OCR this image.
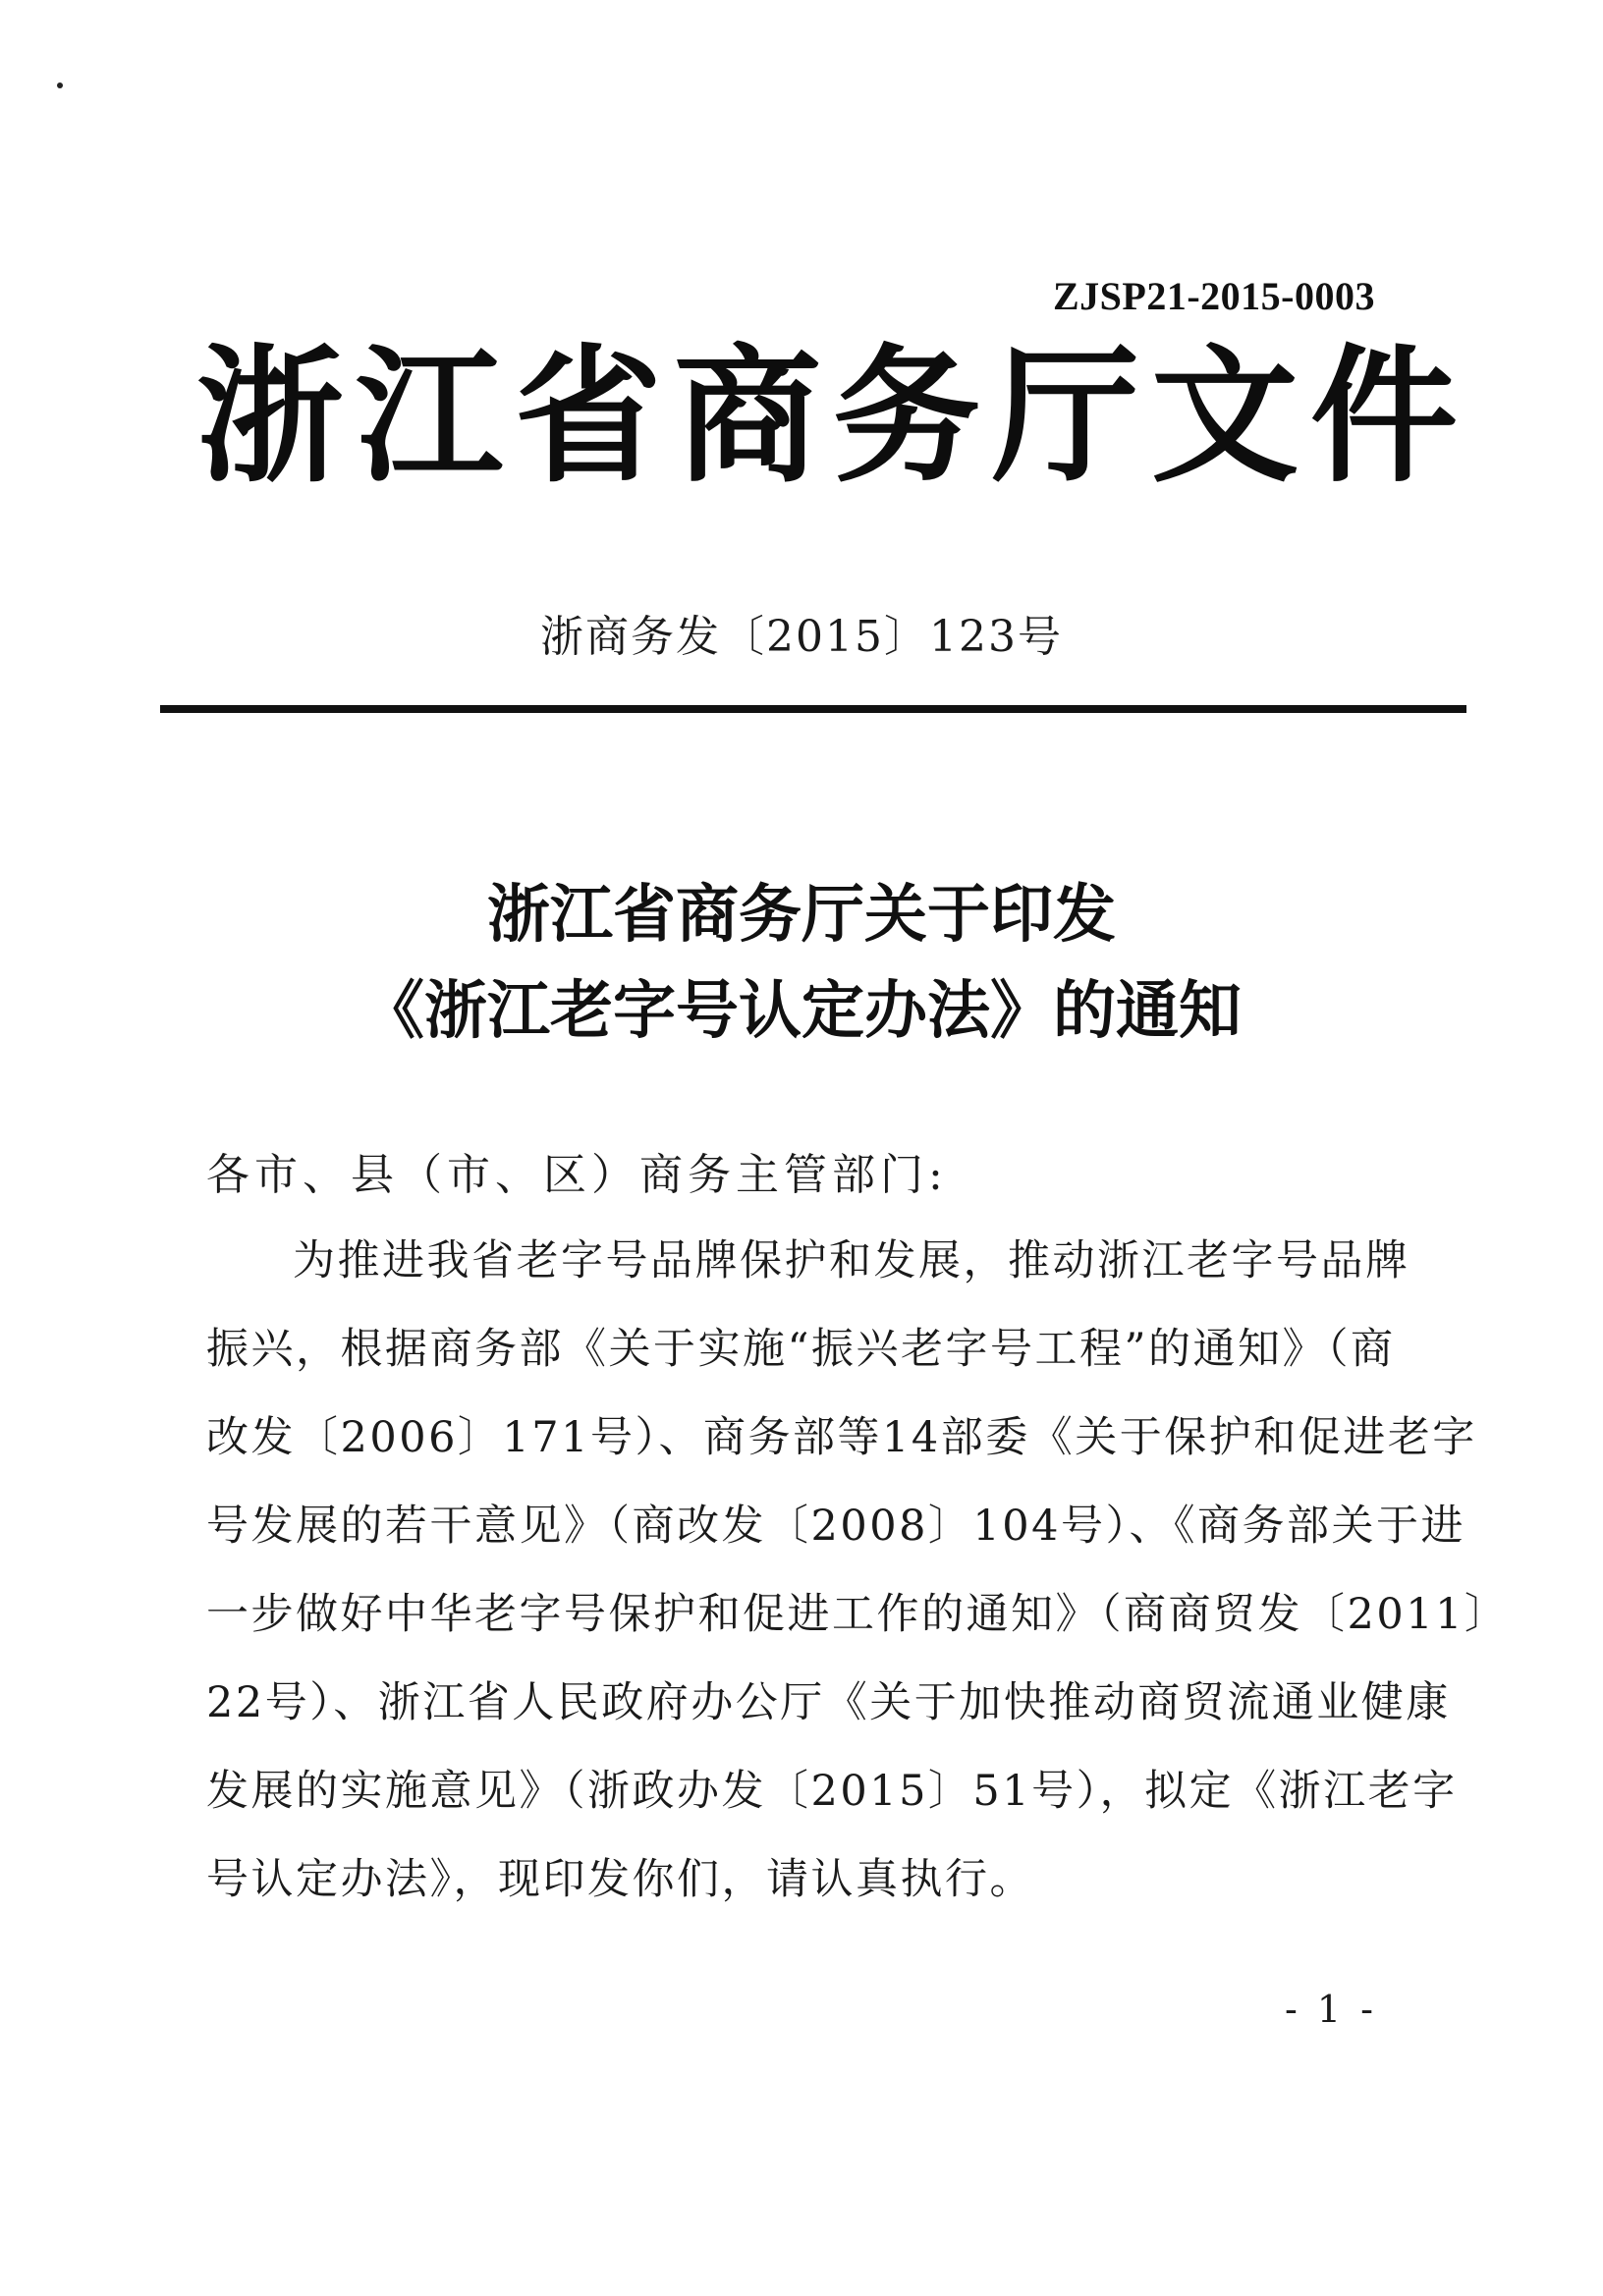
ZJSP21-2015-0003
浙江省商务厅文件
浙商务发〔2015〕123号
浙江省商务厅关于印发
《浙江老字号认定办法》的通知
各市、县（市、区）商务主管部门:
为推进我省老字号品牌保护和发展，推动浙江老字号品牌
振兴，根据商务部《关于实施“振兴老字号工程”的通知》（商
改发〔2006〕171号）、商务部等14部委《关于保护和促进老字
号发展的若干意见》（商改发〔2008〕104号）、《商务部关于进
一步做好中华老字号保护和促进工作的通知》（商商贸发〔2011〕
22号）、浙江省人民政府办公厅《关于加快推动商贸流通业健康
发展的实施意见》（浙政办发〔2015〕51号），拟定《浙江老字
号认定办法》，现印发你们，请认真执行。
- 1 -
